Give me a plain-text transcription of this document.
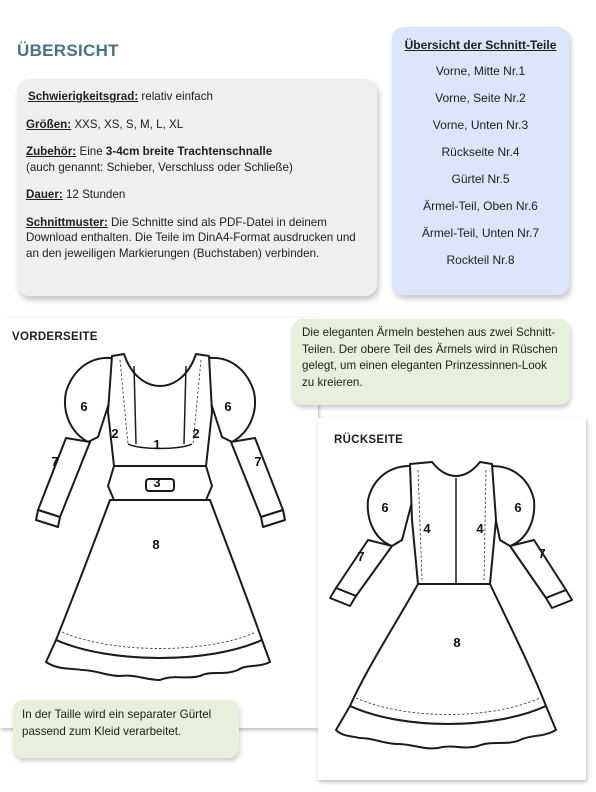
ÜBERSICHT

Schwierigkeitsgrad: relativ einfach

Größen: XXS, XS, S, M, L, XL

Zubehör: Eine 3-4cm breite Trachtenschnalle
(auch genannt: Schieber, Verschluss oder Schließe)

Dauer: 12 Stunden

Schnittmuster: Die Schnitte sind als PDF-Datei in deinem Download enthalten. Die Teile im DinA4-Format ausdrucken und an den jeweiligen Markierungen (Buchstaben) verbinden.

Übersicht der Schnitt-Teile
Vorne, Mitte Nr.1
Vorne, Seite Nr.2
Vorne, Unten Nr.3
Rückseite Nr.4
Gürtel Nr.5
Ärmel-Teil, Oben Nr.6
Ärmel-Teil, Unten Nr.7
Rockteil Nr.8
VORDERSEITE
1
2	2
3
6	6
7	7
8
RÜCKSEITE
4	4
6	6
7	7
8
Die eleganten Ärmeln bestehen aus zwei Schnitt-Teilen. Der obere Teil des Ärmels wird in Rüschen gelegt, um einen eleganten Prinzessinnen-Look zu kreieren.
In der Taille wird ein separater Gürtel passend zum Kleid verarbeitet.
